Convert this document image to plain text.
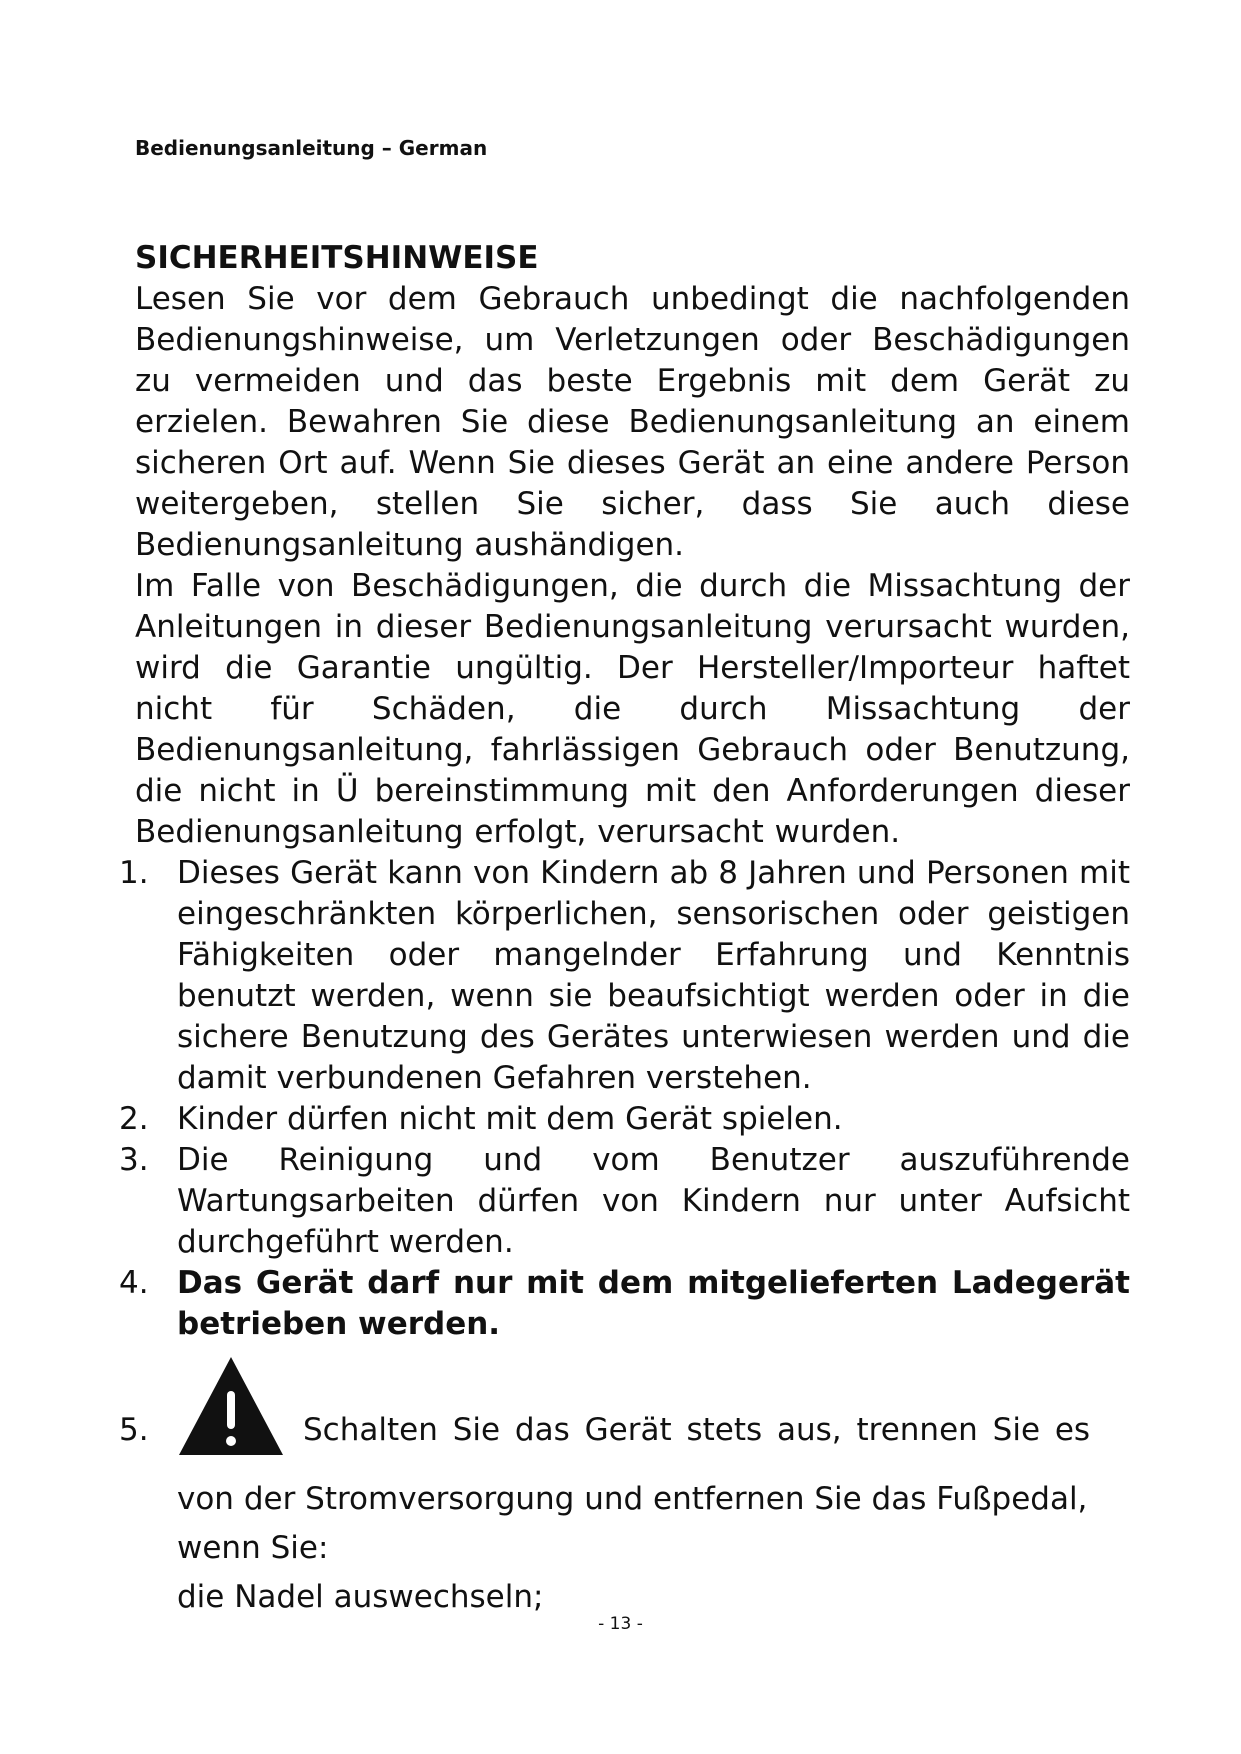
Bedienungsanleitung – German
SICHERHEITSHINWEISE

Lesen Sie vor dem Gebrauch unbedingt die nachfolgenden Bedienungshinweise, um Verletzungen oder Beschädigungen zu vermeiden und das beste Ergebnis mit dem Gerät zu erzielen. Bewahren Sie diese Bedienungsanleitung an einem sicheren Ort auf. Wenn Sie dieses Gerät an eine andere Person weitergeben, stellen Sie sicher, dass Sie auch diese Bedienungsanleitung aushändigen.

Im Falle von Beschädigungen, die durch die Missachtung der Anleitungen in dieser Bedienungsanleitung verursacht wurden, wird die Garantie ungültig. Der Hersteller/Importeur haftet nicht für Schäden, die durch Missachtung der Bedienungsanleitung, fahrlässigen Gebrauch oder Benutzung, die nicht in Ü bereinstimmung mit den Anforderungen dieser Bedienungsanleitung erfolgt, verursacht wurden.

1. Dieses Gerät kann von Kindern ab 8 Jahren und Personen mit eingeschränkten körperlichen, sensorischen oder geistigen Fähigkeiten oder mangelnder Erfahrung und Kenntnis benutzt werden, wenn sie beaufsichtigt werden oder in die sichere Benutzung des Gerätes unterwiesen werden und die damit verbundenen Gefahren verstehen.
2. Kinder dürfen nicht mit dem Gerät spielen.
3. Die Reinigung und vom Benutzer auszuführende Wartungsarbeiten dürfen von Kindern nur unter Aufsicht durchgeführt werden.
4. Das Gerät darf nur mit dem mitgelieferten Ladegerät betrieben werden.
5.	Schalten Sie das Gerät stets aus, trennen Sie es
von der Stromversorgung und entfernen Sie das Fußpedal,
wenn Sie:
die Nadel auswechseln;
- 13 -
